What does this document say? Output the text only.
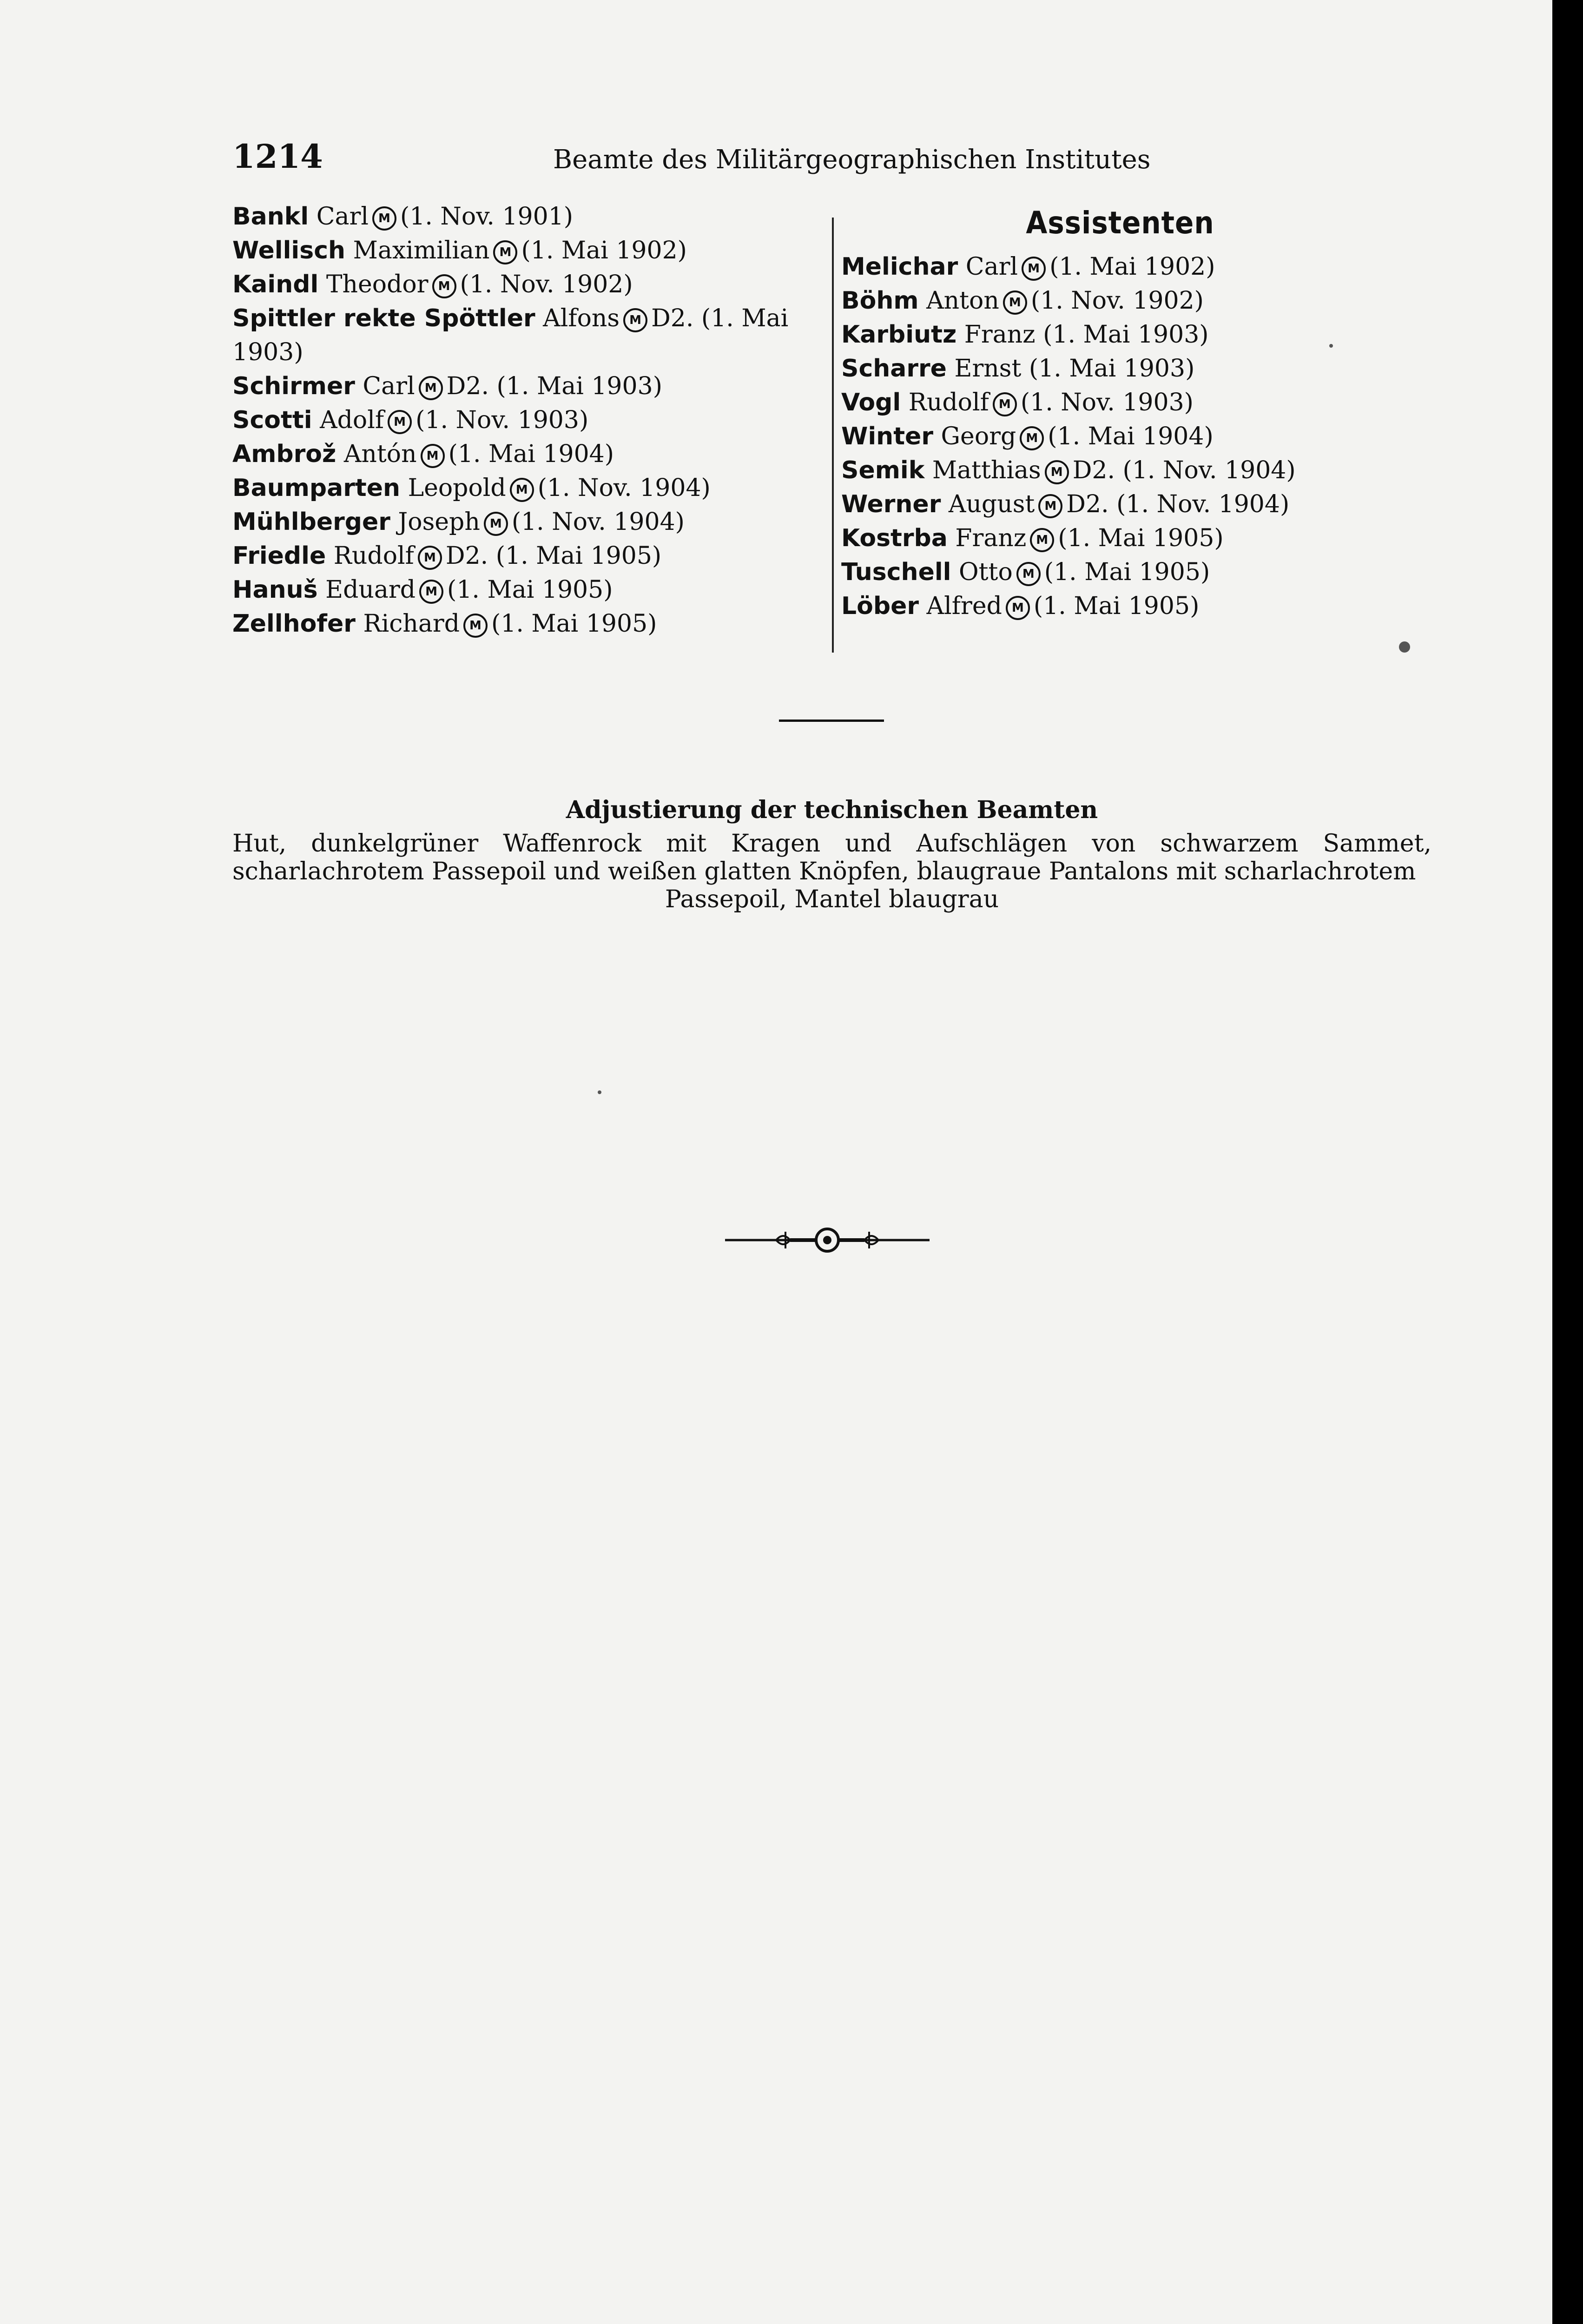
1214	Beamte des Militärgeographischen Institutes
Bankl Carl M (1. Nov. 1901)
Wellisch Maximilian M (1. Mai 1902)
Kaindl Theodor M (1. Nov. 1902)
Spittler rekte Spöttler Alfons M D2. (1. Mai 1903)
Schirmer Carl M D2. (1. Mai 1903)
Scotti Adolf M (1. Nov. 1903)
Ambrož Antón M (1. Mai 1904)
Baumparten Leopold M (1. Nov. 1904)
Mühlberger Joseph M (1. Nov. 1904)
Friedle Rudolf M D2. (1. Mai 1905)
Hanuš Eduard M (1. Mai 1905)
Zellhofer Richard M (1. Mai 1905)
Assistenten
Melichar Carl M (1. Mai 1902)
Böhm Anton M (1. Nov. 1902)
Karbiutz Franz (1. Mai 1903)
Scharre Ernst (1. Mai 1903)
Vogl Rudolf M (1. Nov. 1903)
Winter Georg M (1. Mai 1904)
Semik Matthias M D2. (1. Nov. 1904)
Werner August M D2. (1. Nov. 1904)
Kostrba Franz M (1. Mai 1905)
Tuschell Otto M (1. Mai 1905)
Löber Alfred M (1. Mai 1905)
Adjustierung der technischen Beamten
Hut, dunkelgrüner Waffenrock mit Kragen und Aufschlägen von schwarzem Sammet, scharlachrotem Passepoil und weißen glatten Knöpfen, blaugraue Pantalons mit scharlachrotem
Passepoil, Mantel blaugrau
